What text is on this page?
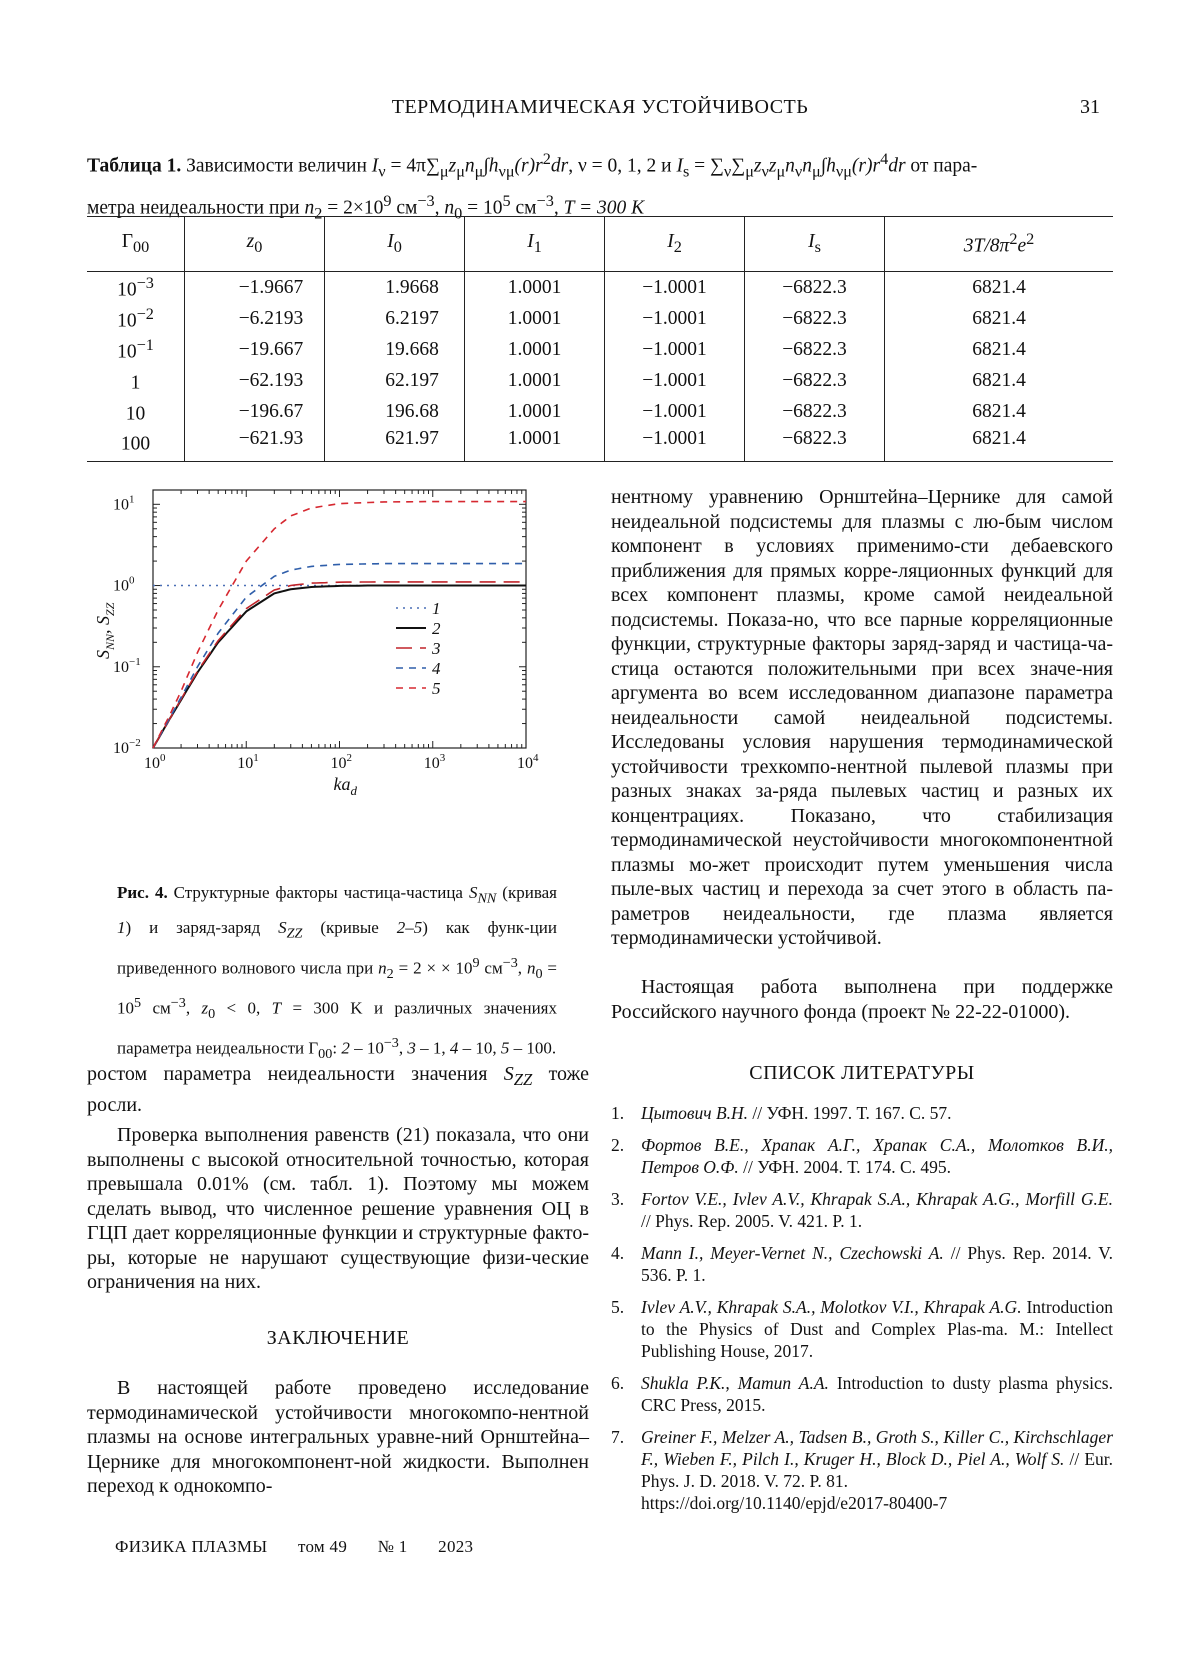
ТЕРМОДИНАМИЧЕСКАЯ УСТОЙЧИВОСТЬ	31
Таблица 1. Зависимости величин $I_\nu = 4\pi\sum_\mu z_\mu n_\mu\int h_{\nu\mu}(r)r^2dr$, ν = 0, 1, 2 и $I_s = \sum_\nu\sum_\mu z_\nu z_\mu n_\nu n_\mu\int h_{\nu\mu}(r)r^4dr$ от пара-
метра неидеальности при $n_2 = 2\times 10^9$ $см^{-3}$, $n_0 = 10^5$ $см^{-3}$, T = 300 K
$\Gamma_{00}$	$z_0$	$I_0$	$I_1$	$I_2$	$I_s$	$3T/8\pi^2e^2$
$10^{-3}$	−1.9667	1.9668	1.0001	−1.0001	−6822.3	6821.4
$10^{-2}$	−6.2193	6.2197	1.0001	−1.0001	−6822.3	6821.4
$10^{-1}$	−19.667	19.668	1.0001	−1.0001	−6822.3	6821.4
1	−62.193	62.197	1.0001	−1.0001	−6822.3	6821.4
10	−196.67	196.68	1.0001	−1.0001	−6822.3	6821.4
100	−621.93	621.97	1.0001	−1.0001	−6822.3	6821.4
$10^0$	$10^1$	$10^2$	$10^3$	$10^4$
$10^{-2}$
$10^{-1}$
$10^0$
$10^1$
$ka_d$
$S_{NN}$, $S_{ZZ}$	1
2
3
4
5
Рис. 4. Структурные факторы частица-частица $S_{NN}$ (кривая 1) и заряд-заряд $S_{ZZ}$ (кривые 2–5) как функ-ции приведенного волнового числа при $n_2 = 2$ × × $10^9$ $см^{-3}$, $n_0 = 10^5$ $см^{-3}$, $z_0 < 0$, T = 300 K и различных значениях параметра неидеальности $\Gamma_{00}$: $2 - 10^{-3}$, 3 – 1, 4 – 10, 5 – 100.
нентному уравнению Орнштейна–Цернике для самой неидеальной подсистемы для плазмы с лю-бым числом компонент в условиях применимо-сти дебаевского приближения для прямых корре-ляционных функций для всех компонент плазмы, кроме самой неидеальной подсистемы. Показа-но, что все парные корреляционные функции, структурные факторы заряд-заряд и частица-ча-стица остаются положительными при всех значе-ния аргумента во всем исследованном диапазоне параметра неидеальности самой неидеальной подсистемы. Исследованы условия нарушения термодинамической устойчивости трехкомпо-нентной пылевой плазмы при разных знаках за-ряда пылевых частиц и разных их концентрациях. Показано, что стабилизация термодинамической неустойчивости многокомпонентной плазмы мо-жет происходит путем уменьшения числа пыле-вых частиц и перехода за счет этого в область па-раметров неидеальности, где плазма является термодинамически устойчивой.
Настоящая работа выполнена при поддержке Российского научного фонда (проект № 22-22-01000).
ростом параметра неидеальности значения $S_{ZZ}$ тоже росли.
Проверка выполнения равенств (21) показала, что они выполнены с высокой относительной точностью, которая превышала 0.01% (см. табл. 1). Поэтому мы можем сделать вывод, что численное решение уравнения ОЦ в ГЦП дает корреляционные функции и структурные факто-ры, которые не нарушают существующие физи-ческие ограничения на них.
ЗАКЛЮЧЕНИЕ
В настоящей работе проведено исследование термодинамической устойчивости многокомпо-нентной плазмы на основе интегральных уравне-ний Орнштейна–Цернике для многокомпонент-ной жидкости. Выполнен переход к однокомпо-
СПИСОК ЛИТЕРАТУРЫ
1. Цытович В.Н. // УФН. 1997. Т. 167. С. 57.
2. Фортов В.Е., Храпак А.Г., Храпак С.А., Молотков В.И., Петров О.Ф. // УФН. 2004. Т. 174. С. 495.
3. Fortov V.E., Ivlev A.V., Khrapak S.A., Khrapak A.G., Morfill G.E. // Phys. Rep. 2005. V. 421. P. 1.
4. Mann I., Meyer-Vernet N., Czechowski A. // Phys. Rep. 2014. V. 536. P. 1.
5. Ivlev A.V., Khrapak S.A., Molotkov V.I., Khrapak A.G. Introduction to the Physics of Dust and Complex Plas-ma. M.: Intellect Publishing House, 2017.
6. Shukla P.K., Mamun A.A. Introduction to dusty plasma physics. CRC Press, 2015.
7. Greiner F., Melzer A., Tadsen B., Groth S., Killer C., Kirchschlager F., Wieben F., Pilch I., Kruger H., Block D., Piel A., Wolf S. // Eur. Phys. J. D. 2018. V. 72. P. 81.
https://doi.org/10.1140/epjd/e2017-80400-7
ФИЗИКА ПЛАЗМЫ том 49 № 1 2023
